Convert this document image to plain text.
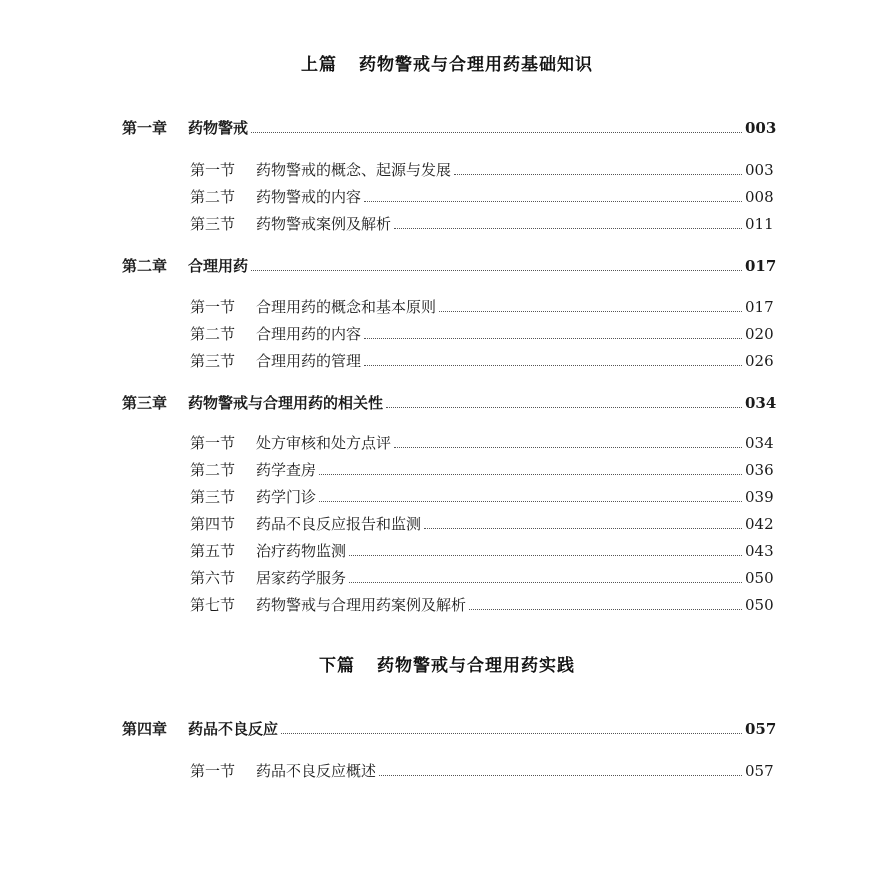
上篇 药物警戒与合理用药基础知识
第一章	药物警戒	003
第一节	药物警戒的概念、起源与发展	003
第二节	药物警戒的内容	008
第三节	药物警戒案例及解析	011
第二章	合理用药	017
第一节	合理用药的概念和基本原则	017
第二节	合理用药的内容	020
第三节	合理用药的管理	026
第三章	药物警戒与合理用药的相关性	034
第一节	处方审核和处方点评	034
第二节	药学查房	036
第三节	药学门诊	039
第四节	药品不良反应报告和监测	042
第五节	治疗药物监测	043
第六节	居家药学服务	050
第七节	药物警戒与合理用药案例及解析	050
下篇 药物警戒与合理用药实践
第四章	药品不良反应	057
第一节	药品不良反应概述	057
